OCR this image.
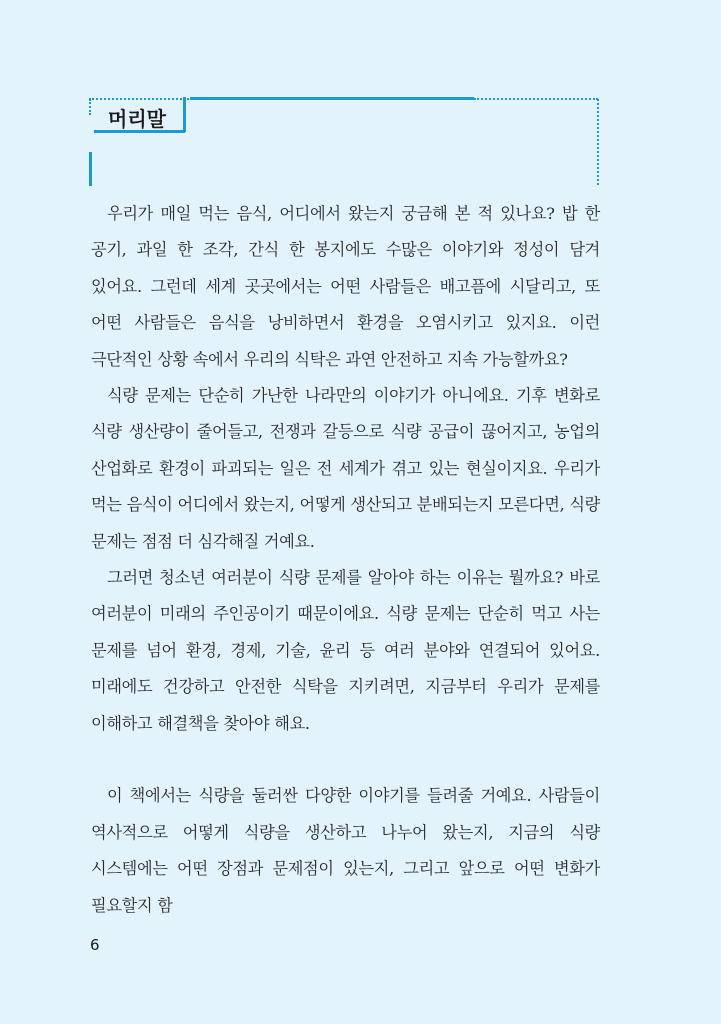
머리말

우리가 매일 먹는 음식, 어디에서 왔는지 궁금해 본 적 있나요? 밥 한 공기, 과일 한 조각, 간식 한 봉지에도 수많은 이야기와 정성이 담겨 있어요. 그런데 세계 곳곳에서는 어떤 사람들은 배고픔에 시달리고, 또 어떤 사람들은 음식을 낭비하면서 환경을 오염시키고 있지요. 이런 극단적인 상황 속에서 우리의 식탁은 과연 안전하고 지속 가능할까요?

식량 문제는 단순히 가난한 나라만의 이야기가 아니에요. 기후 변화로 식량 생산량이 줄어들고, 전쟁과 갈등으로 식량 공급이 끊어지고, 농업의 산업화로 환경이 파괴되는 일은 전 세계가 겪고 있는 현실이지요. 우리가 먹는 음식이 어디에서 왔는지, 어떻게 생산되고 분배되는지 모른다면, 식량 문제는 점점 더 심각해질 거예요.

그러면 청소년 여러분이 식량 문제를 알아야 하는 이유는 뭘까요? 바로 여러분이 미래의 주인공이기 때문이에요. 식량 문제는 단순히 먹고 사는 문제를 넘어 환경, 경제, 기술, 윤리 등 여러 분야와 연결되어 있어요. 미래에도 건강하고 안전한 식탁을 지키려면, 지금부터 우리가 문제를 이해하고 해결책을 찾아야 해요.

이 책에서는 식량을 둘러싼 다양한 이야기를 들려줄 거예요. 사람들이 역사적으로 어떻게 식량을 생산하고 나누어 왔는지, 지금의 식량 시스템에는 어떤 장점과 문제점이 있는지, 그리고 앞으로 어떤 변화가 필요할지 함

6
